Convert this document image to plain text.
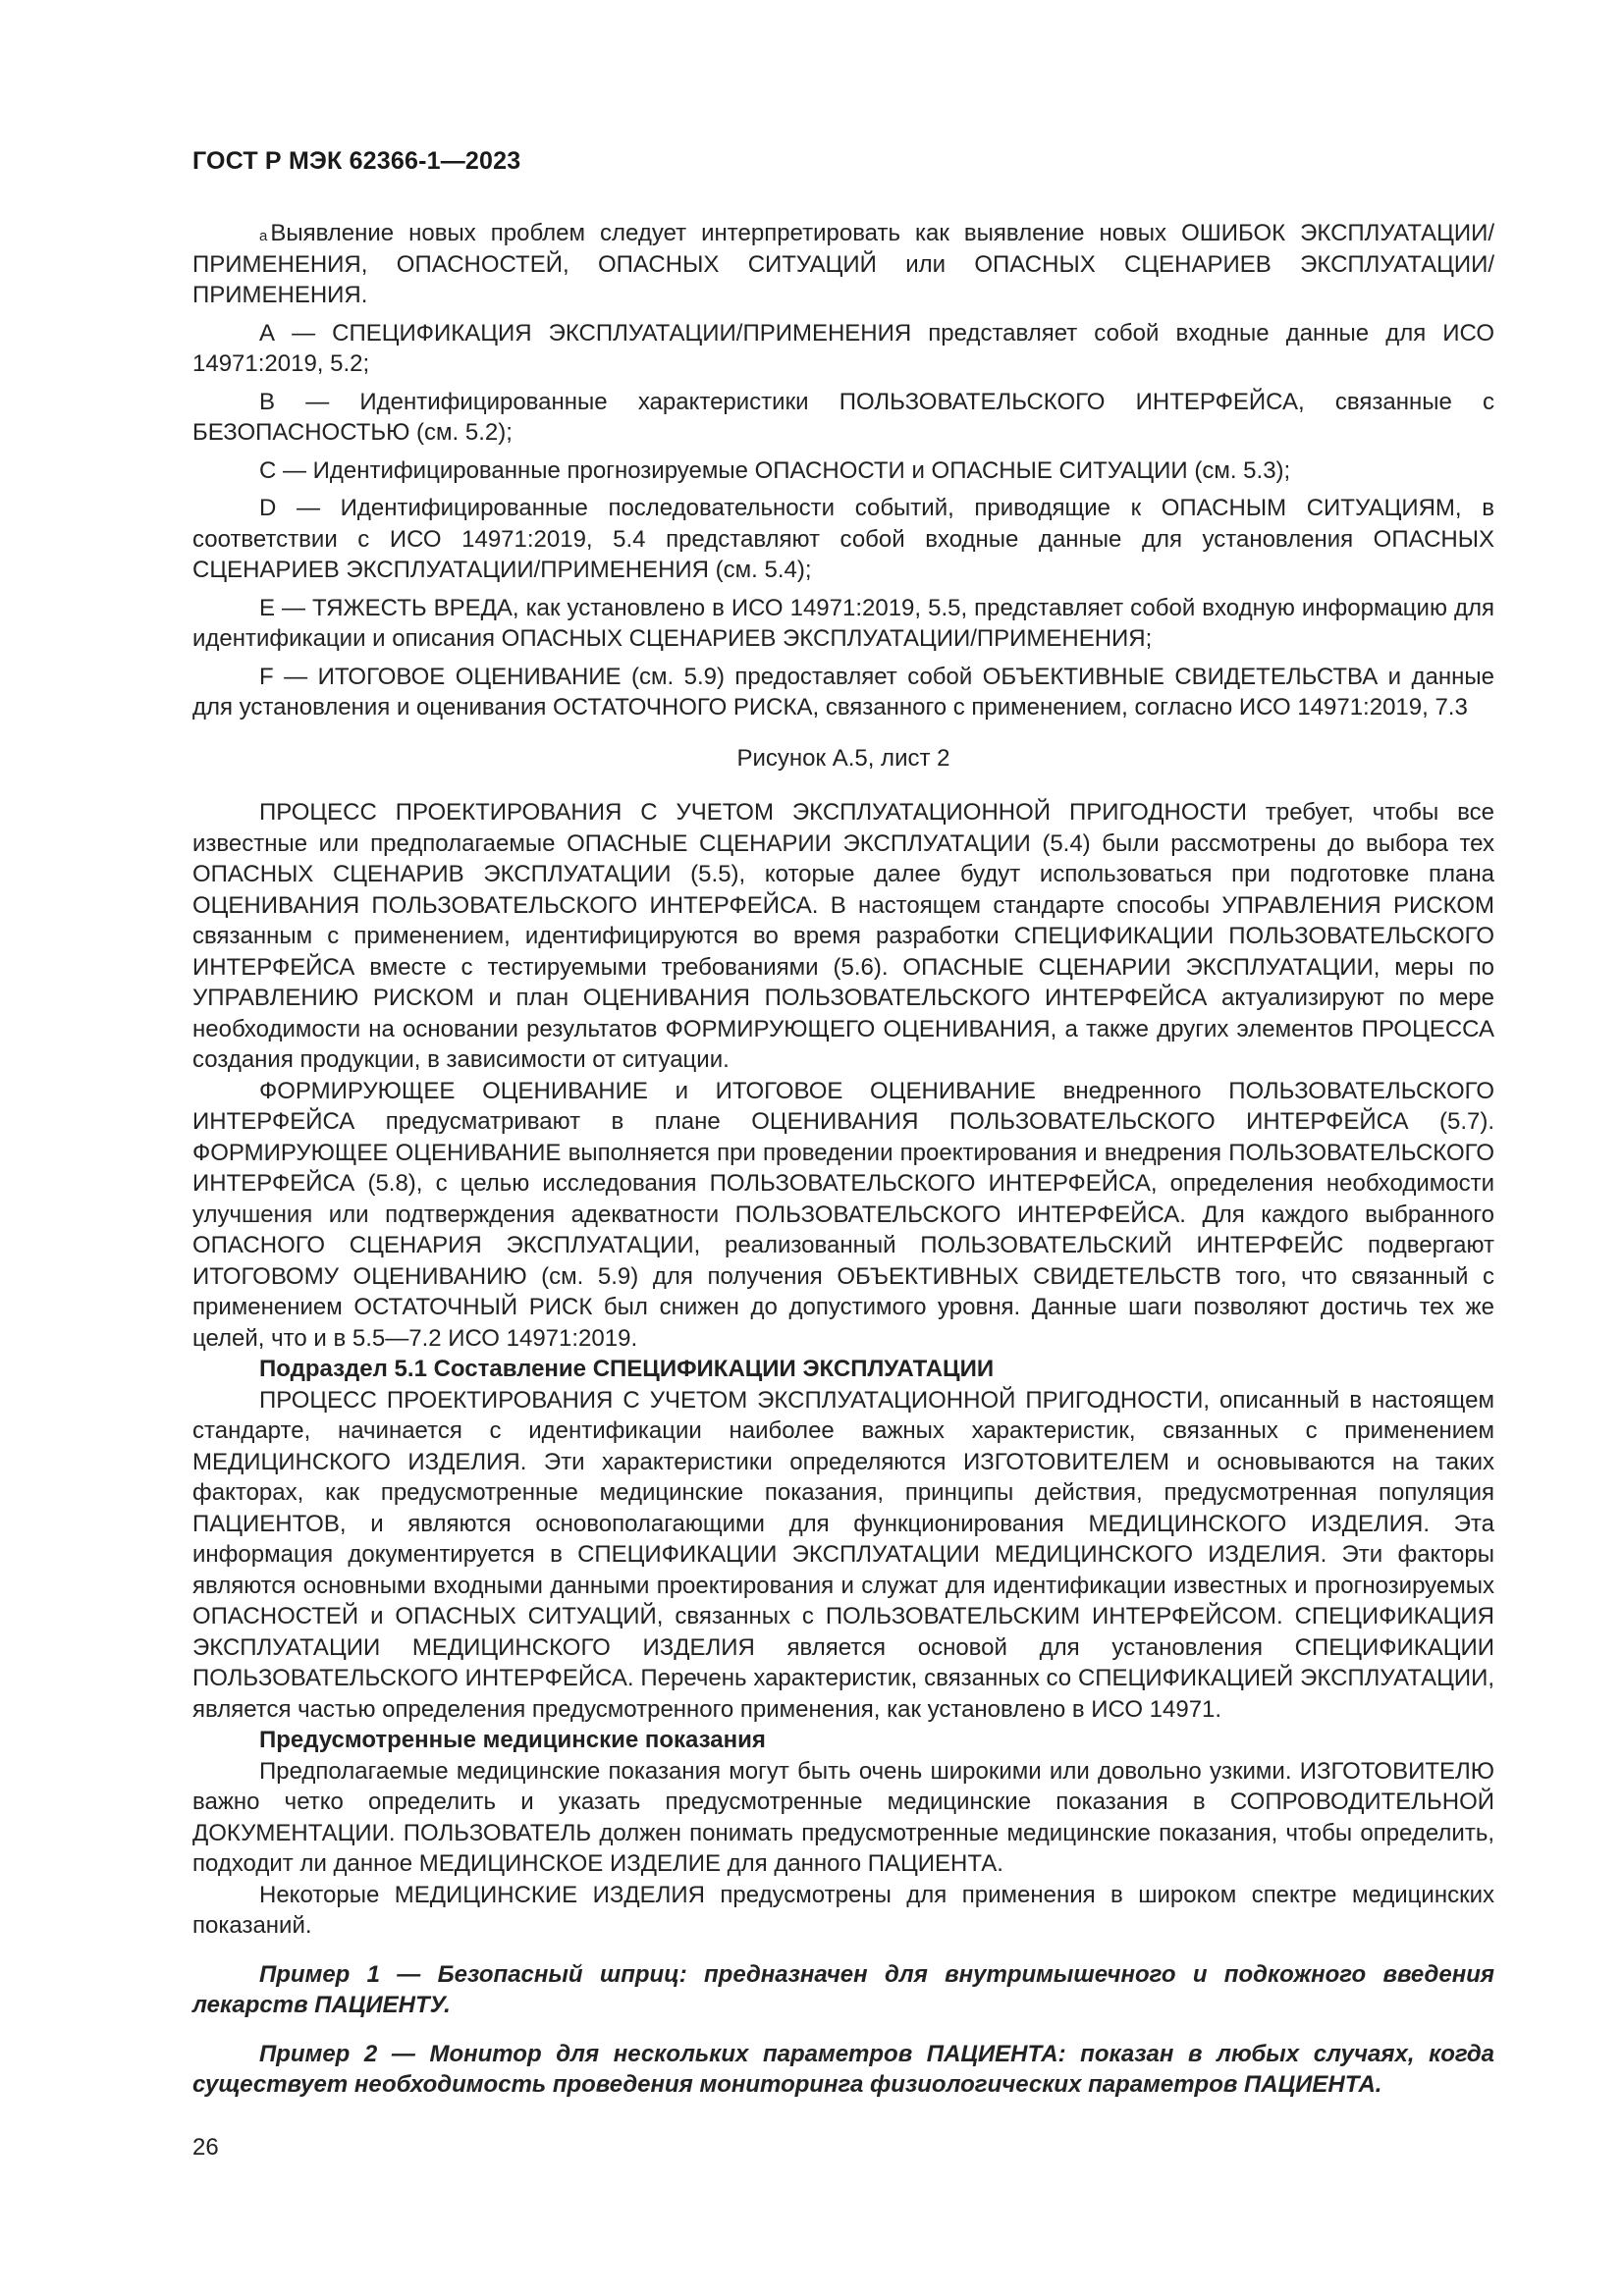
ГОСТ Р МЭК 62366-1—2023

$^a$ Выявление новых проблем следует интерпретировать как выявление новых ОШИБОК ЭКСПЛУАТАЦИИ/ПРИМЕНЕНИЯ, ОПАСНОСТЕЙ, ОПАСНЫХ СИТУАЦИЙ или ОПАСНЫХ СЦЕНАРИЕВ ЭКСПЛУАТАЦИИ/ПРИМЕНЕНИЯ.

А — СПЕЦИФИКАЦИЯ ЭКСПЛУАТАЦИИ/ПРИМЕНЕНИЯ представляет собой входные данные для ИСО 14971:2019, 5.2;

В — Идентифицированные характеристики ПОЛЬЗОВАТЕЛЬСКОГО ИНТЕРФЕЙСА, связанные с БЕЗОПАСНОСТЬЮ (см. 5.2);

С — Идентифицированные прогнозируемые ОПАСНОСТИ и ОПАСНЫЕ СИТУАЦИИ (см. 5.3);

D — Идентифицированные последовательности событий, приводящие к ОПАСНЫМ СИТУАЦИЯМ, в соответствии с ИСО 14971:2019, 5.4 представляют собой входные данные для установления ОПАСНЫХ СЦЕНАРИЕВ ЭКСПЛУАТАЦИИ/ПРИМЕНЕНИЯ (см. 5.4);

Е — ТЯЖЕСТЬ ВРЕДА, как установлено в ИСО 14971:2019, 5.5, представляет собой входную информацию для идентификации и описания ОПАСНЫХ СЦЕНАРИЕВ ЭКСПЛУАТАЦИИ/ПРИМЕНЕНИЯ;

F — ИТОГОВОЕ ОЦЕНИВАНИЕ (см. 5.9) предоставляет собой ОБЪЕКТИВНЫЕ СВИДЕТЕЛЬСТВА и данные для установления и оценивания ОСТАТОЧНОГО РИСКА, связанного с применением, согласно ИСО 14971:2019, 7.3

Рисунок А.5, лист 2

ПРОЦЕСС ПРОЕКТИРОВАНИЯ С УЧЕТОМ ЭКСПЛУАТАЦИОННОЙ ПРИГОДНОСТИ требует, чтобы все известные или предполагаемые ОПАСНЫЕ СЦЕНАРИИ ЭКСПЛУАТАЦИИ (5.4) были рассмотрены до выбора тех ОПАСНЫХ СЦЕНАРИВ ЭКСПЛУАТАЦИИ (5.5), которые далее будут использоваться при подготовке плана ОЦЕНИВАНИЯ ПОЛЬЗОВАТЕЛЬСКОГО ИНТЕРФЕЙСА. В настоящем стандарте способы УПРАВЛЕНИЯ РИСКОМ связанным с применением, идентифицируются во время разработки СПЕЦИФИКАЦИИ ПОЛЬЗОВАТЕЛЬСКОГО ИНТЕРФЕЙСА вместе с тестируемыми требованиями (5.6). ОПАСНЫЕ СЦЕНАРИИ ЭКСПЛУАТАЦИИ, меры по УПРАВЛЕНИЮ РИСКОМ и план ОЦЕНИВАНИЯ ПОЛЬЗОВАТЕЛЬСКОГО ИНТЕРФЕЙСА актуализируют по мере необходимости на основании результатов ФОРМИРУЮЩЕГО ОЦЕНИВАНИЯ, а также других элементов ПРОЦЕССА создания продукции, в зависимости от ситуации.

ФОРМИРУЮЩЕЕ ОЦЕНИВАНИЕ и ИТОГОВОЕ ОЦЕНИВАНИЕ внедренного ПОЛЬЗОВАТЕЛЬСКОГО ИНТЕРФЕЙСА предусматривают в плане ОЦЕНИВАНИЯ ПОЛЬЗОВАТЕЛЬСКОГО ИНТЕРФЕЙСА (5.7). ФОРМИРУЮЩЕЕ ОЦЕНИВАНИЕ выполняется при проведении проектирования и внедрения ПОЛЬЗОВАТЕЛЬСКОГО ИНТЕРФЕЙСА (5.8), с целью исследования ПОЛЬЗОВАТЕЛЬСКОГО ИНТЕРФЕЙСА, определения необходимости улучшения или подтверждения адекватности ПОЛЬЗОВАТЕЛЬСКОГО ИНТЕРФЕЙСА. Для каждого выбранного ОПАСНОГО СЦЕНАРИЯ ЭКСПЛУАТАЦИИ, реализованный ПОЛЬЗОВАТЕЛЬСКИЙ ИНТЕРФЕЙС подвергают ИТОГОВОМУ ОЦЕНИВАНИЮ (см. 5.9) для получения ОБЪЕКТИВНЫХ СВИДЕТЕЛЬСТВ того, что связанный с применением ОСТАТОЧНЫЙ РИСК был снижен до допустимого уровня. Данные шаги позволяют достичь тех же целей, что и в 5.5—7.2 ИСО 14971:2019.

Подраздел 5.1 Составление СПЕЦИФИКАЦИИ ЭКСПЛУАТАЦИИ

ПРОЦЕСС ПРОЕКТИРОВАНИЯ С УЧЕТОМ ЭКСПЛУАТАЦИОННОЙ ПРИГОДНОСТИ, описанный в настоящем стандарте, начинается с идентификации наиболее важных характеристик, связанных с применением МЕДИЦИНСКОГО ИЗДЕЛИЯ. Эти характеристики определяются ИЗГОТОВИТЕЛЕМ и основываются на таких факторах, как предусмотренные медицинские показания, принципы действия, предусмотренная популяция ПАЦИЕНТОВ, и являются основополагающими для функционирования МЕДИЦИНСКОГО ИЗДЕЛИЯ. Эта информация документируется в СПЕЦИФИКАЦИИ ЭКСПЛУАТАЦИИ МЕДИЦИНСКОГО ИЗДЕЛИЯ. Эти факторы являются основными входными данными проектирования и служат для идентификации известных и прогнозируемых ОПАСНОСТЕЙ и ОПАСНЫХ СИТУАЦИЙ, связанных с ПОЛЬЗОВАТЕЛЬСКИМ ИНТЕРФЕЙСОМ. СПЕЦИФИКАЦИЯ ЭКСПЛУАТАЦИИ МЕДИЦИНСКОГО ИЗДЕЛИЯ является основой для установления СПЕЦИФИКАЦИИ ПОЛЬЗОВАТЕЛЬСКОГО ИНТЕРФЕЙСА. Перечень характеристик, связанных со СПЕЦИФИКАЦИЕЙ ЭКСПЛУАТАЦИИ, является частью определения предусмотренного применения, как установлено в ИСО 14971.

Предусмотренные медицинские показания

Предполагаемые медицинские показания могут быть очень широкими или довольно узкими. ИЗГОТОВИТЕЛЮ важно четко определить и указать предусмотренные медицинские показания в СОПРОВОДИТЕЛЬНОЙ ДОКУМЕНТАЦИИ. ПОЛЬЗОВАТЕЛЬ должен понимать предусмотренные медицинские показания, чтобы определить, подходит ли данное МЕДИЦИНСКОЕ ИЗДЕЛИЕ для данного ПАЦИЕНТА.

Некоторые МЕДИЦИНСКИЕ ИЗДЕЛИЯ предусмотрены для применения в широком спектре медицинских показаний.

Пример 1 — Безопасный шприц: предназначен для внутримышечного и подкожного введения лекарств ПАЦИЕНТУ.

Пример 2 — Монитор для нескольких параметров ПАЦИЕНТА: показан в любых случаях, когда существует необходимость проведения мониторинга физиологических параметров ПАЦИЕНТА.

26
